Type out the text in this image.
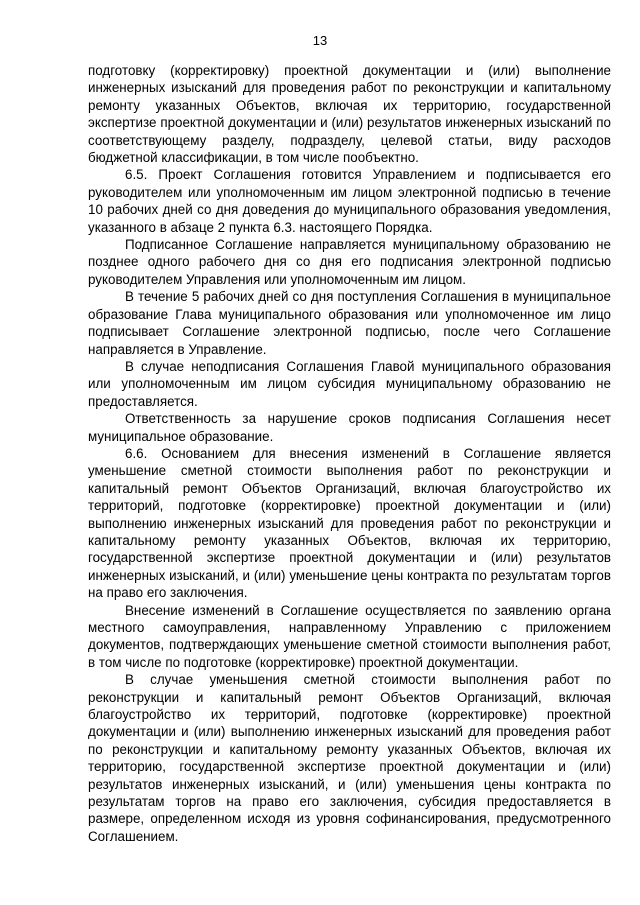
13

подготовку (корректировку) проектной документации и (или) выполнение инженерных изысканий для проведения работ по реконструкции и капитальному ремонту указанных Объектов, включая их территорию, государственной экспертизе проектной документации и (или) результатов инженерных изысканий по соответствующему разделу, подразделу, целевой статьи, виду расходов бюджетной классификации, в том числе пообъектно.

6.5. Проект Соглашения готовится Управлением и подписывается его руководителем или уполномоченным им лицом электронной подписью в течение 10 рабочих дней со дня доведения до муниципального образования уведомления, указанного в абзаце 2 пункта 6.3. настоящего Порядка.

Подписанное Соглашение направляется муниципальному образованию не позднее одного рабочего дня со дня его подписания электронной подписью руководителем Управления или уполномоченным им лицом.

В течение 5 рабочих дней со дня поступления Соглашения в муниципальное образование Глава муниципального образования или уполномоченное им лицо подписывает Соглашение электронной подписью, после чего Соглашение направляется в Управление.

В случае неподписания Соглашения Главой муниципального образования или уполномоченным им лицом субсидия муниципальному образованию не предоставляется.

Ответственность за нарушение сроков подписания Соглашения несет муниципальное образование.

6.6. Основанием для внесения изменений в Соглашение является уменьшение сметной стоимости выполнения работ по реконструкции и капитальный ремонт Объектов Организаций, включая благоустройство их территорий, подготовке (корректировке) проектной документации и (или) выполнению инженерных изысканий для проведения работ по реконструкции и капитальному ремонту указанных Объектов, включая их территорию, государственной экспертизе проектной документации и (или) результатов инженерных изысканий, и (или) уменьшение цены контракта по результатам торгов на право его заключения.

Внесение изменений в Соглашение осуществляется по заявлению органа местного самоуправления, направленному Управлению с приложением документов, подтверждающих уменьшение сметной стоимости выполнения работ, в том числе по подготовке (корректировке) проектной документации.

В случае уменьшения сметной стоимости выполнения работ по реконструкции и капитальный ремонт Объектов Организаций, включая благоустройство их территорий, подготовке (корректировке) проектной документации и (или) выполнению инженерных изысканий для проведения работ по реконструкции и капитальному ремонту указанных Объектов, включая их территорию, государственной экспертизе проектной документации и (или) результатов инженерных изысканий, и (или) уменьшения цены контракта по результатам торгов на право его заключения, субсидия предоставляется в размере, определенном исходя из уровня софинансирования, предусмотренного Соглашением.
